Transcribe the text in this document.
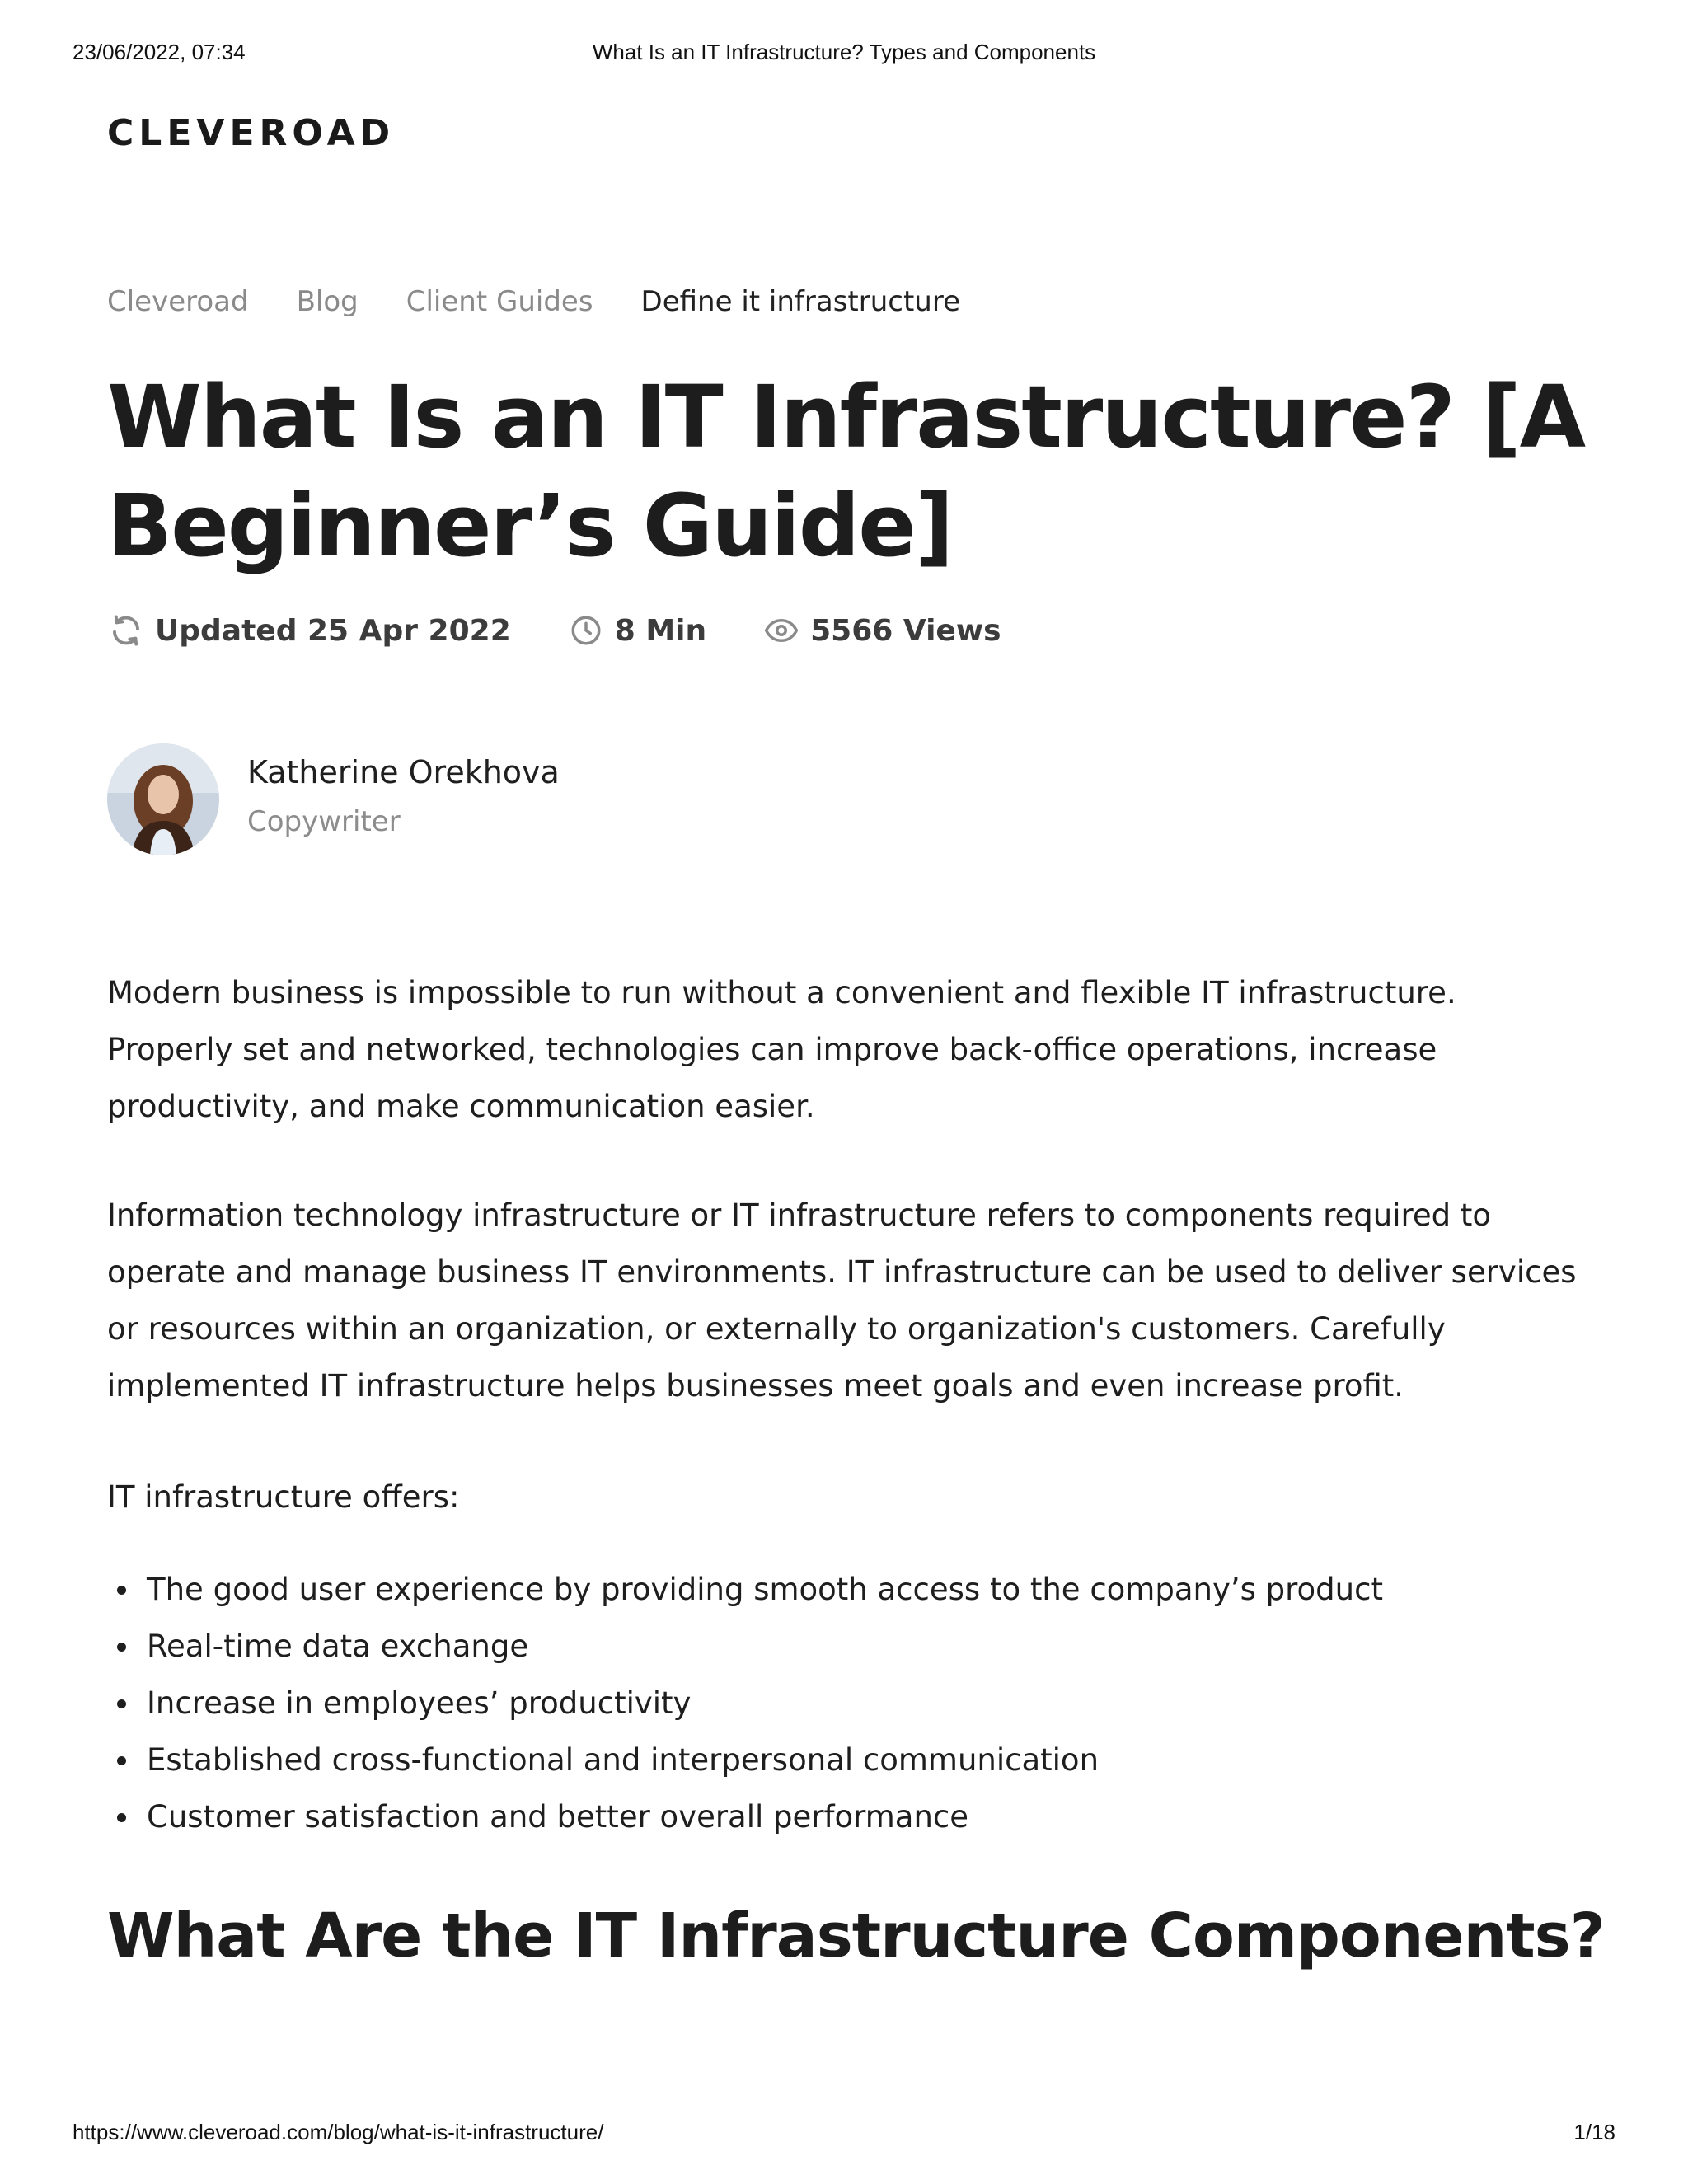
23/06/2022, 07:34	What Is an IT Infrastructure? Types and Components
CLEVEROAD
Cleveroad Blog Client Guides Define it infrastructure
What Is an IT Infrastructure? [A Beginner’s Guide]
Updated 25 Apr 2022	8 Min	5566 Views
Katherine Orekhova
Copywriter

Modern business is impossible to run without a convenient and flexible IT infrastructure. Properly set and networked, technologies can improve back-office operations, increase productivity, and make communication easier.

Information technology infrastructure or IT infrastructure refers to components required to operate and manage business IT environments. IT infrastructure can be used to deliver services or resources within an organization, or externally to organization's customers. Carefully implemented IT infrastructure helps businesses meet goals and even increase profit.

IT infrastructure offers:

The good user experience by providing smooth access to the company’s product
Real-time data exchange
Increase in employees’ productivity
Established cross-functional and interpersonal communication
Customer satisfaction and better overall performance
What Are the IT Infrastructure Components?
https://www.cleveroad.com/blog/what-is-it-infrastructure/	1/18
